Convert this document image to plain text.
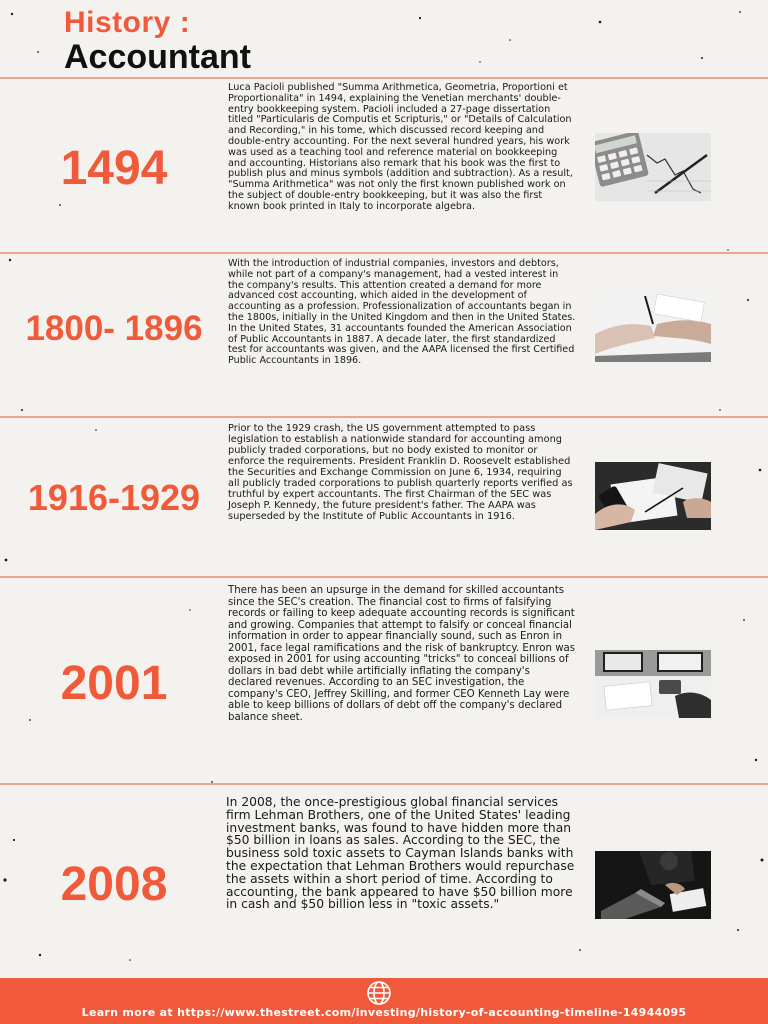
History :
Accountant
1494

Luca Pacioli published "Summa Arithmetica, Geometria, Proportioni et Proportionalita" in 1494, explaining the Venetian merchants' double-entry bookkeeping system. Pacioli included a 27-page dissertation titled "Particularis de Computis et Scripturis," or "Details of Calculation and Recording," in his tome, which discussed record keeping and double-entry accounting. For the next several hundred years, his work was used as a teaching tool and reference material on bookkeeping and accounting. Historians also remark that his book was the first to publish plus and minus symbols (addition and subtraction). As a result, "Summa Arithmetica" was not only the first known published work on the subject of double-entry bookkeeping, but it was also the first known book printed in Italy to incorporate algebra.

1800- 1896

With the introduction of industrial companies, investors and debtors, while not part of a company's management, had a vested interest in the company's results. This attention created a demand for more advanced cost accounting, which aided in the development of accounting as a profession. Professionalization of accountants began in the 1800s, initially in the United Kingdom and then in the United States. In the United States, 31 accountants founded the American Association of Public Accountants in 1887. A decade later, the first standardized test for accountants was given, and the AAPA licensed the first Certified Public Accountants in 1896.

1916-1929

Prior to the 1929 crash, the US government attempted to pass legislation to establish a nationwide standard for accounting among publicly traded corporations, but no body existed to monitor or enforce the requirements. President Franklin D. Roosevelt established the Securities and Exchange Commission on June 6, 1934, requiring all publicly traded corporations to publish quarterly reports verified as truthful by expert accountants. The first Chairman of the SEC was Joseph P. Kennedy, the future president's father. The AAPA was superseded by the Institute of Public Accountants in 1916.

2001

There has been an upsurge in the demand for skilled accountants since the SEC's creation. The financial cost to firms of falsifying records or failing to keep adequate accounting records is significant and growing. Companies that attempt to falsify or conceal financial information in order to appear financially sound, such as Enron in 2001, face legal ramifications and the risk of bankruptcy. Enron was exposed in 2001 for using accounting "tricks" to conceal billions of dollars in bad debt while artificially inflating the company's declared revenues. According to an SEC investigation, the company's CEO, Jeffrey Skilling, and former CEO Kenneth Lay were able to keep billions of dollars of debt off the company's declared balance sheet.

2008

In 2008, the once-prestigious global financial services firm Lehman Brothers, one of the United States' leading investment banks, was found to have hidden more than $50 billion in loans as sales. According to the SEC, the business sold toxic assets to Cayman Islands banks with the expectation that Lehman Brothers would repurchase the assets within a short period of time. According to accounting, the bank appeared to have $50 billion more in cash and $50 billion less in "toxic assets."

Learn more at https://www.thestreet.com/investing/history-of-accounting-timeline-14944095
